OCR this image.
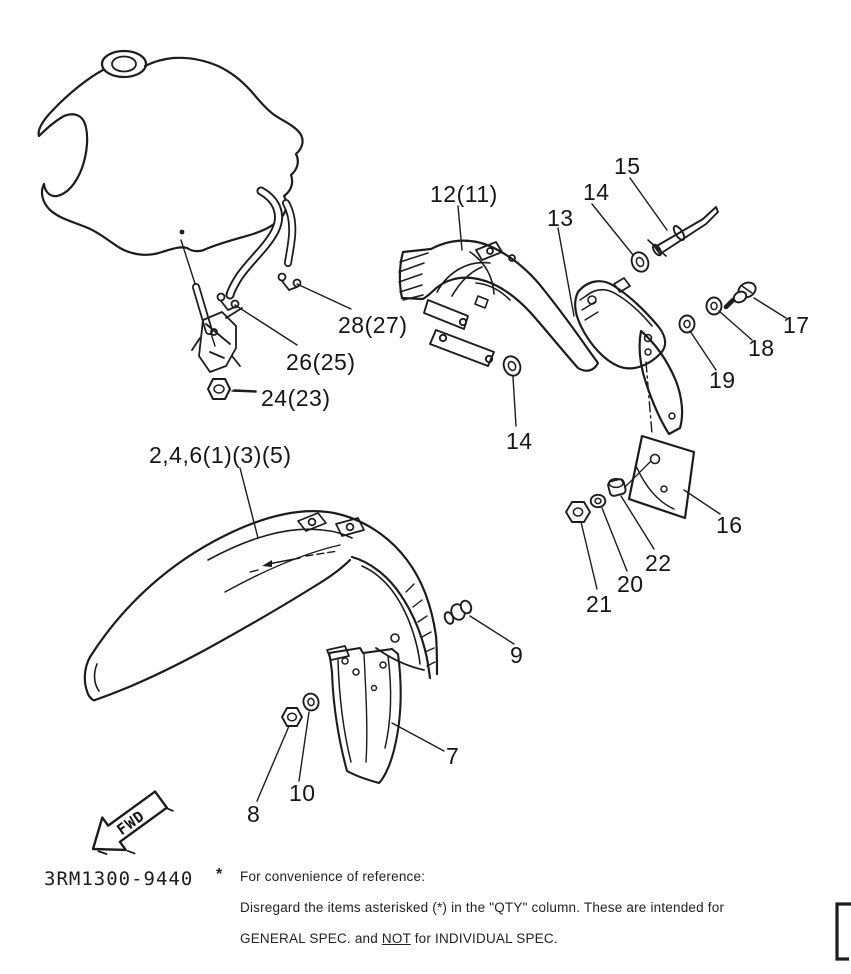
12(11)
13
14
15
17
18
19
16
22
20
21
14
9
7
8
10
28(27)
26(25)
24(23)
2,4,6(1)(3)(5)
FWD
3RM1300-9440 * For convenience of reference:
Disregard the items asterisked (*) in the "QTY" column. These are intended for
GENERAL SPEC. and NOT for INDIVIDUAL SPEC.
